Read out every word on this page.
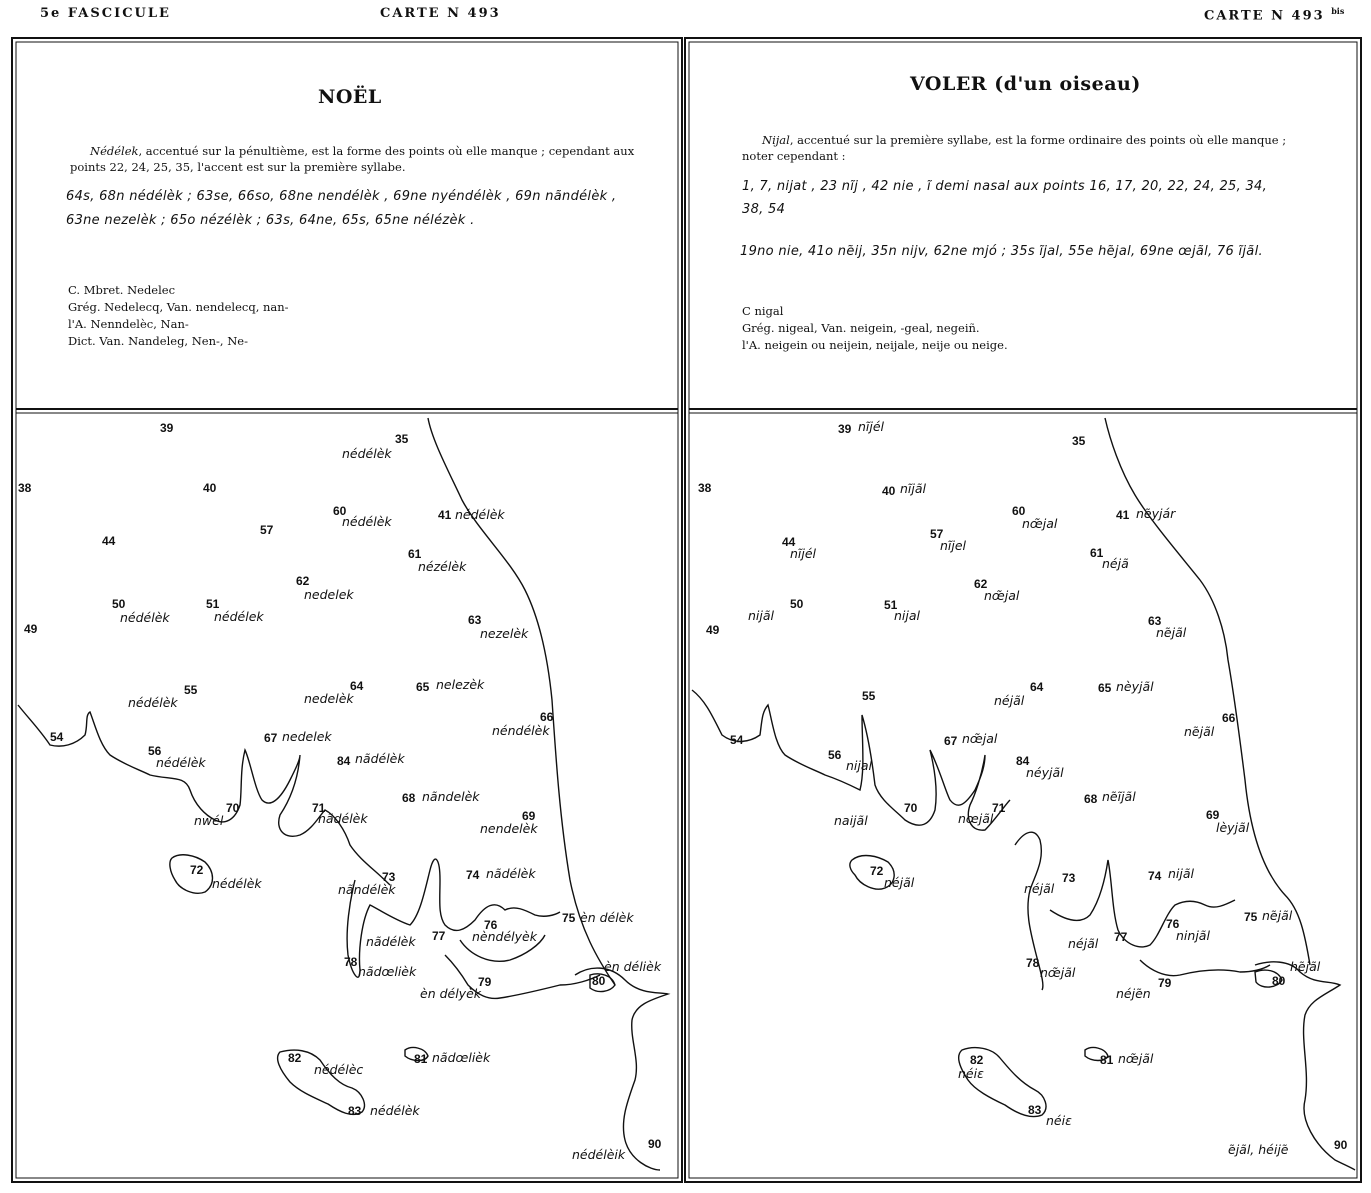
5e FASCICULE	CARTE N 493	CARTE N 493 $^{bis}$
39
35
nédélèk
38	40
60
nédélèk	41 nédélèk
57
44
61
nézélèk
62
nedelek
50
nédélèk
51
nédélek
49
63
nezelèk
55
nédélèk
64
nedelèk
65 nelezèk
66
néndélèk
54
56
nédélèk
67 nedelek
84 nãdélèk
70
nwél
71
nãdélèk
68 nãndelèk
69
nendelèk
72
nédélèk	73
nãndélèk
74 nãdélèk
75 èn délèk
76
nèndélyèk
77
nãdélèk
78
nãdœlièk
79
èn délyèk
80
èn délièk
82
nédélèc
81 nãdœlièk
83 nédélèk
90
nédélèik
39 nĩjél
35
38	40 nĩjãl
60
nœ̃jal
41 nẽyjár
44
nĩjél
57
nĩjel	61
néjã
62
nœ̃jal
50
nijãl
51
nijal
49
63
nẽjãl
55
64
néjãl
65 nèyjãl
66
nẽjãl
54	67 nœ̃jal
56
nijal	84
néyjãl
68 nẽĩjãl
69
lèyjãl
70
naijãl
71
nœjãl
72
néjãl	73
néjãl
74 nijãl
75 nẽjãl
76
ninjãl
77
néjãl
78
nœ̃jãl
79
néjẽn
80
hẽjãl
81 nœ̃jãl
82
néiε
83
néiε
90
ẽjãl, héijẽ
NOËL
Nédélek, accentué sur la pénultième, est la forme des points où elle manque ; cependant aux points 22, 24, 25, 35, l'accent est sur la première syllabe.
64s, 68n nédélèk ; 63se, 66so, 68ne nendélèk , 69ne nyéndélèk , 69n nãndélèk ,
63ne nezelèk ; 65o nézélèk ; 63s, 64ne, 65s, 65ne nélézèk .
C. Mbret. Nedelec
Grég. Nedelecq, Van. nendelecq, nan-
l'A. Nenndelèc, Nan-
Dict. Van. Nandeleg, Nen-, Ne-
VOLER (d'un oiseau)
Nijal, accentué sur la première syllabe, est la forme ordinaire des points où elle manque ; noter cependant :
1, 7, nijat , 23 nĩj , 42 nie , ĩ demi nasal aux points 16, 17, 20, 22, 24, 25, 34,
38, 54
19no nie, 41o nẽij, 35n nijv, 62ne mjó ; 35s ĩjal, 55e hẽjal, 69ne œjãl, 76 ĩjãl.
C nigal
Grég. nigeal, Van. neigein, -geal, negeiñ.
l'A. neigein ou neijein, neijale, neije ou neige.
